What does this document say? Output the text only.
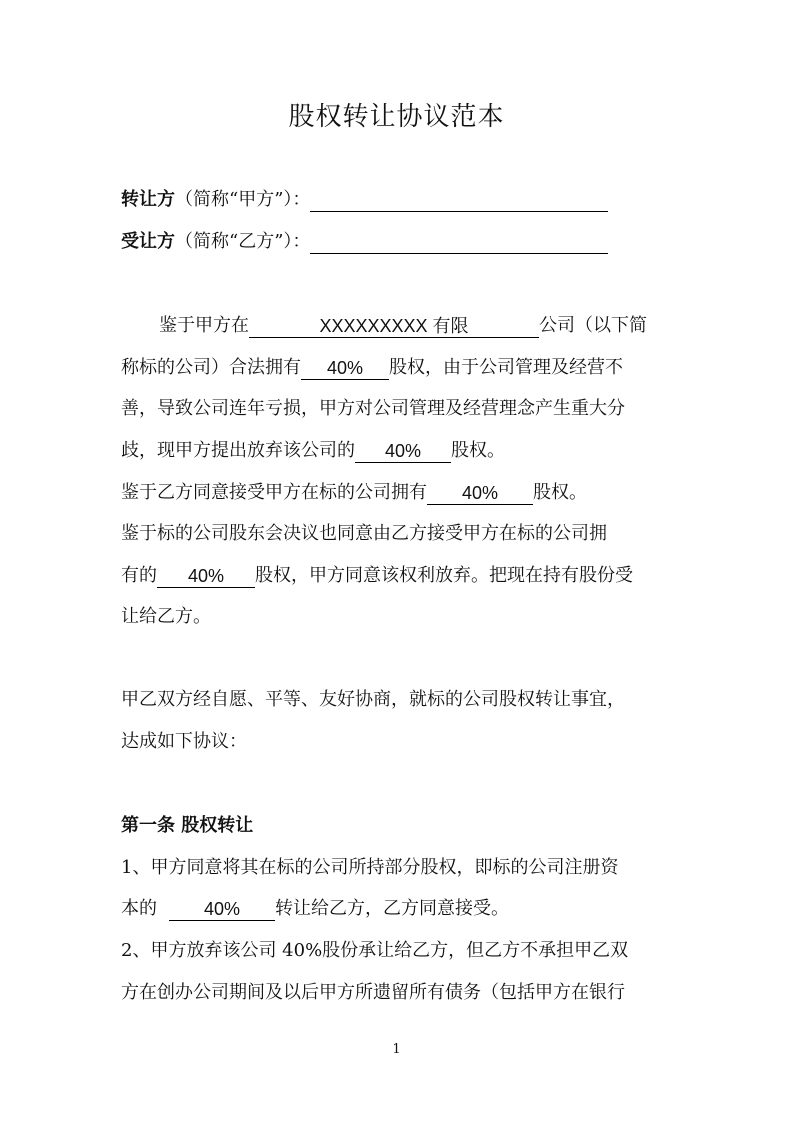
股权转让协议范本
转让方（简称“甲方”）：
受让方（简称“乙方”）：
鉴于甲方在	XXXXXXXXX 有限	公司（以下简
称标的公司）合法拥有 40% 股权，由于公司管理及经营不
善，导致公司连年亏损，甲方对公司管理及经营理念产生重大分
歧，现甲方提出放弃该公司的 40% 股权。
鉴于乙方同意接受甲方在标的公司拥有 40% 股权。
鉴于标的公司股东会决议也同意由乙方接受甲方在标的公司拥
有的 40% 股权，甲方同意该权利放弃。把现在持有股份受
让给乙方。
甲乙双方经自愿、平等、友好协商，就标的公司股权转让事宜，
达成如下协议：
第一条 股权转让
1、甲方同意将其在标的公司所持部分股权，即标的公司注册资
本的	40% 转让给乙方，乙方同意接受。
2、甲方放弃该公司 40%股份承让给乙方，但乙方不承担甲乙双
方在创办公司期间及以后甲方所遗留所有债务（包括甲方在银行
1
